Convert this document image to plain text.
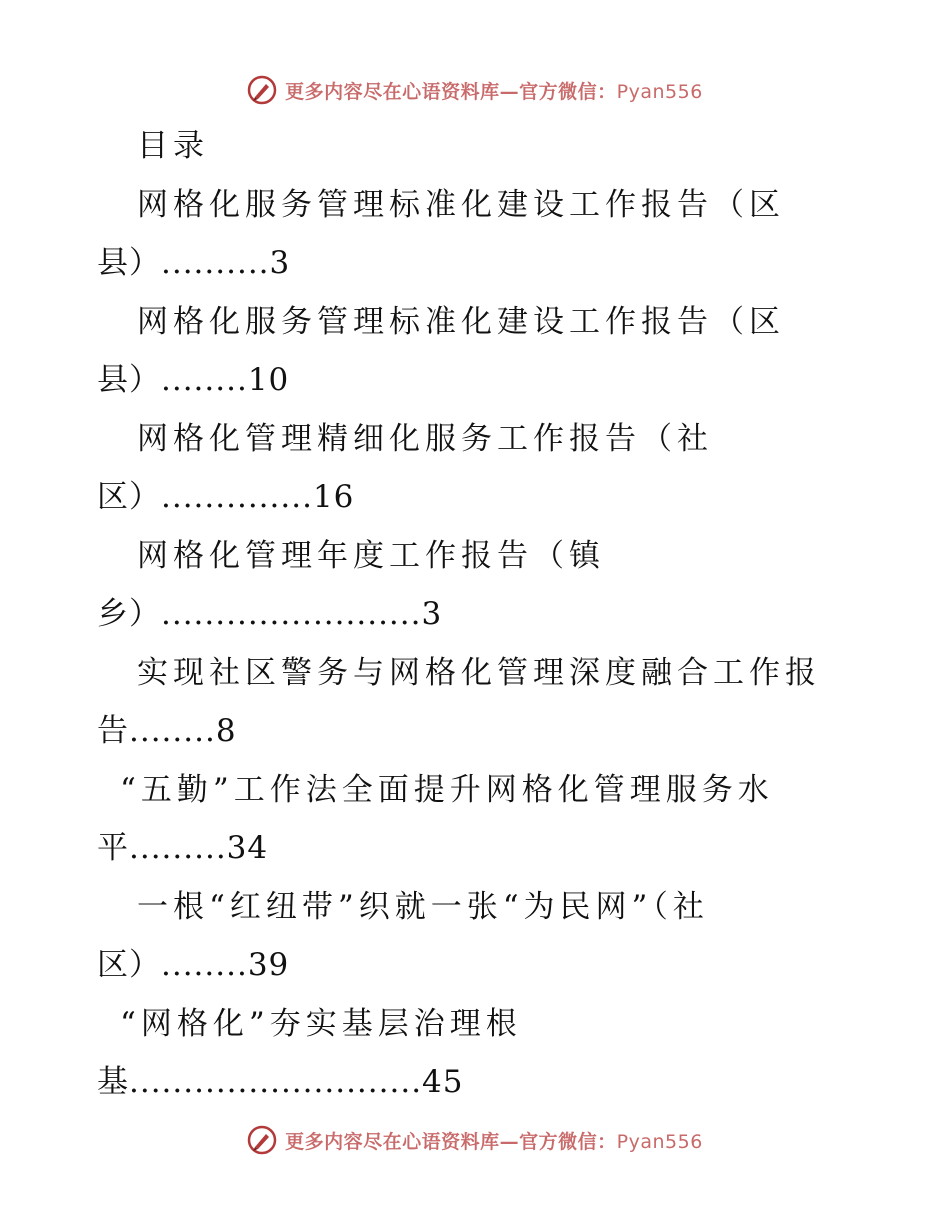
更多内容尽在心语资料库—官方微信：Pyan556
目录
网格化服务管理标准化建设工作报告（区
县）..........3
网格化服务管理标准化建设工作报告（区
县）........10
网格化管理精细化服务工作报告（社
区）..............16
网格化管理年度工作报告（镇
乡）........................3
实现社区警务与网格化管理深度融合工作报
告........8
“五勤”工作法全面提升网格化管理服务水
平.........34
一根“红纽带”织就一张“为民网”（社
区）........39
“网格化”夯实基层治理根
基...........................45
更多内容尽在心语资料库—官方微信：Pyan556
